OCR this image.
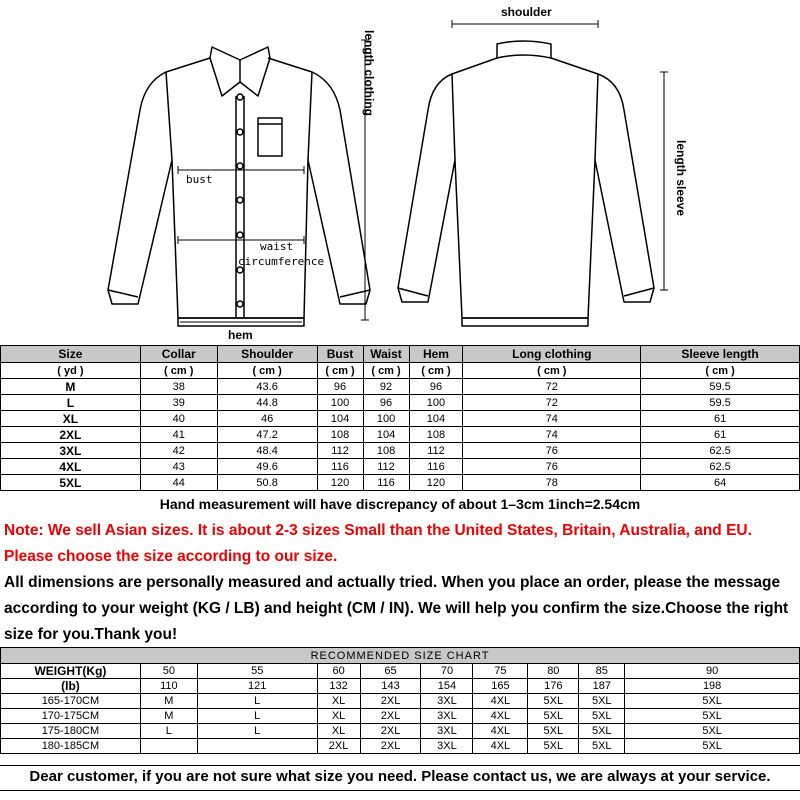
shoulder
length clothing
length sleeve
bust
waist
circumference
hem
Size	Collar	Shoulder	Bust	Waist	Hem	Long clothing	Sleeve length
( yd )	( cm )	( cm )	( cm )	( cm )	( cm )	( cm )	( cm )
M	38	43.6	96	92	96	72	59.5
L	39	44.8	100	96	100	72	59.5
XL	40	46	104	100	104	74	61
2XL	41	47.2	108	104	108	74	61
3XL	42	48.4	112	108	112	76	62.5
4XL	43	49.6	116	112	116	76	62.5
5XL	44	50.8	120	116	120	78	64
Hand measurement will have discrepancy of about 1–3cm 1inch=2.54cm
Note: We sell Asian sizes. It is about 2-3 sizes Small than the United States, Britain, Australia, and EU. Please choose the size according to our size.
All dimensions are personally measured and actually tried. When you place an order, please the message according to your weight (KG / LB) and height (CM / IN). We will help you confirm the size.Choose the right size for you.Thank you!
RECOMMENDED SIZE CHART									
WEIGHT(Kg)	50	55	60	65	70	75	80	85	90
(lb)	110	121	132	143	154	165	176	187	198
165-170CM	M	L	XL	2XL	3XL	4XL	5XL	5XL	5XL
170-175CM	M	L	XL	2XL	3XL	4XL	5XL	5XL	5XL
175-180CM	L	L	XL	2XL	3XL	4XL	5XL	5XL	5XL
180-185CM			2XL	2XL	3XL	4XL	5XL	5XL	5XL
Dear customer, if you are not sure what size you need. Please contact us, we are always at your service.
